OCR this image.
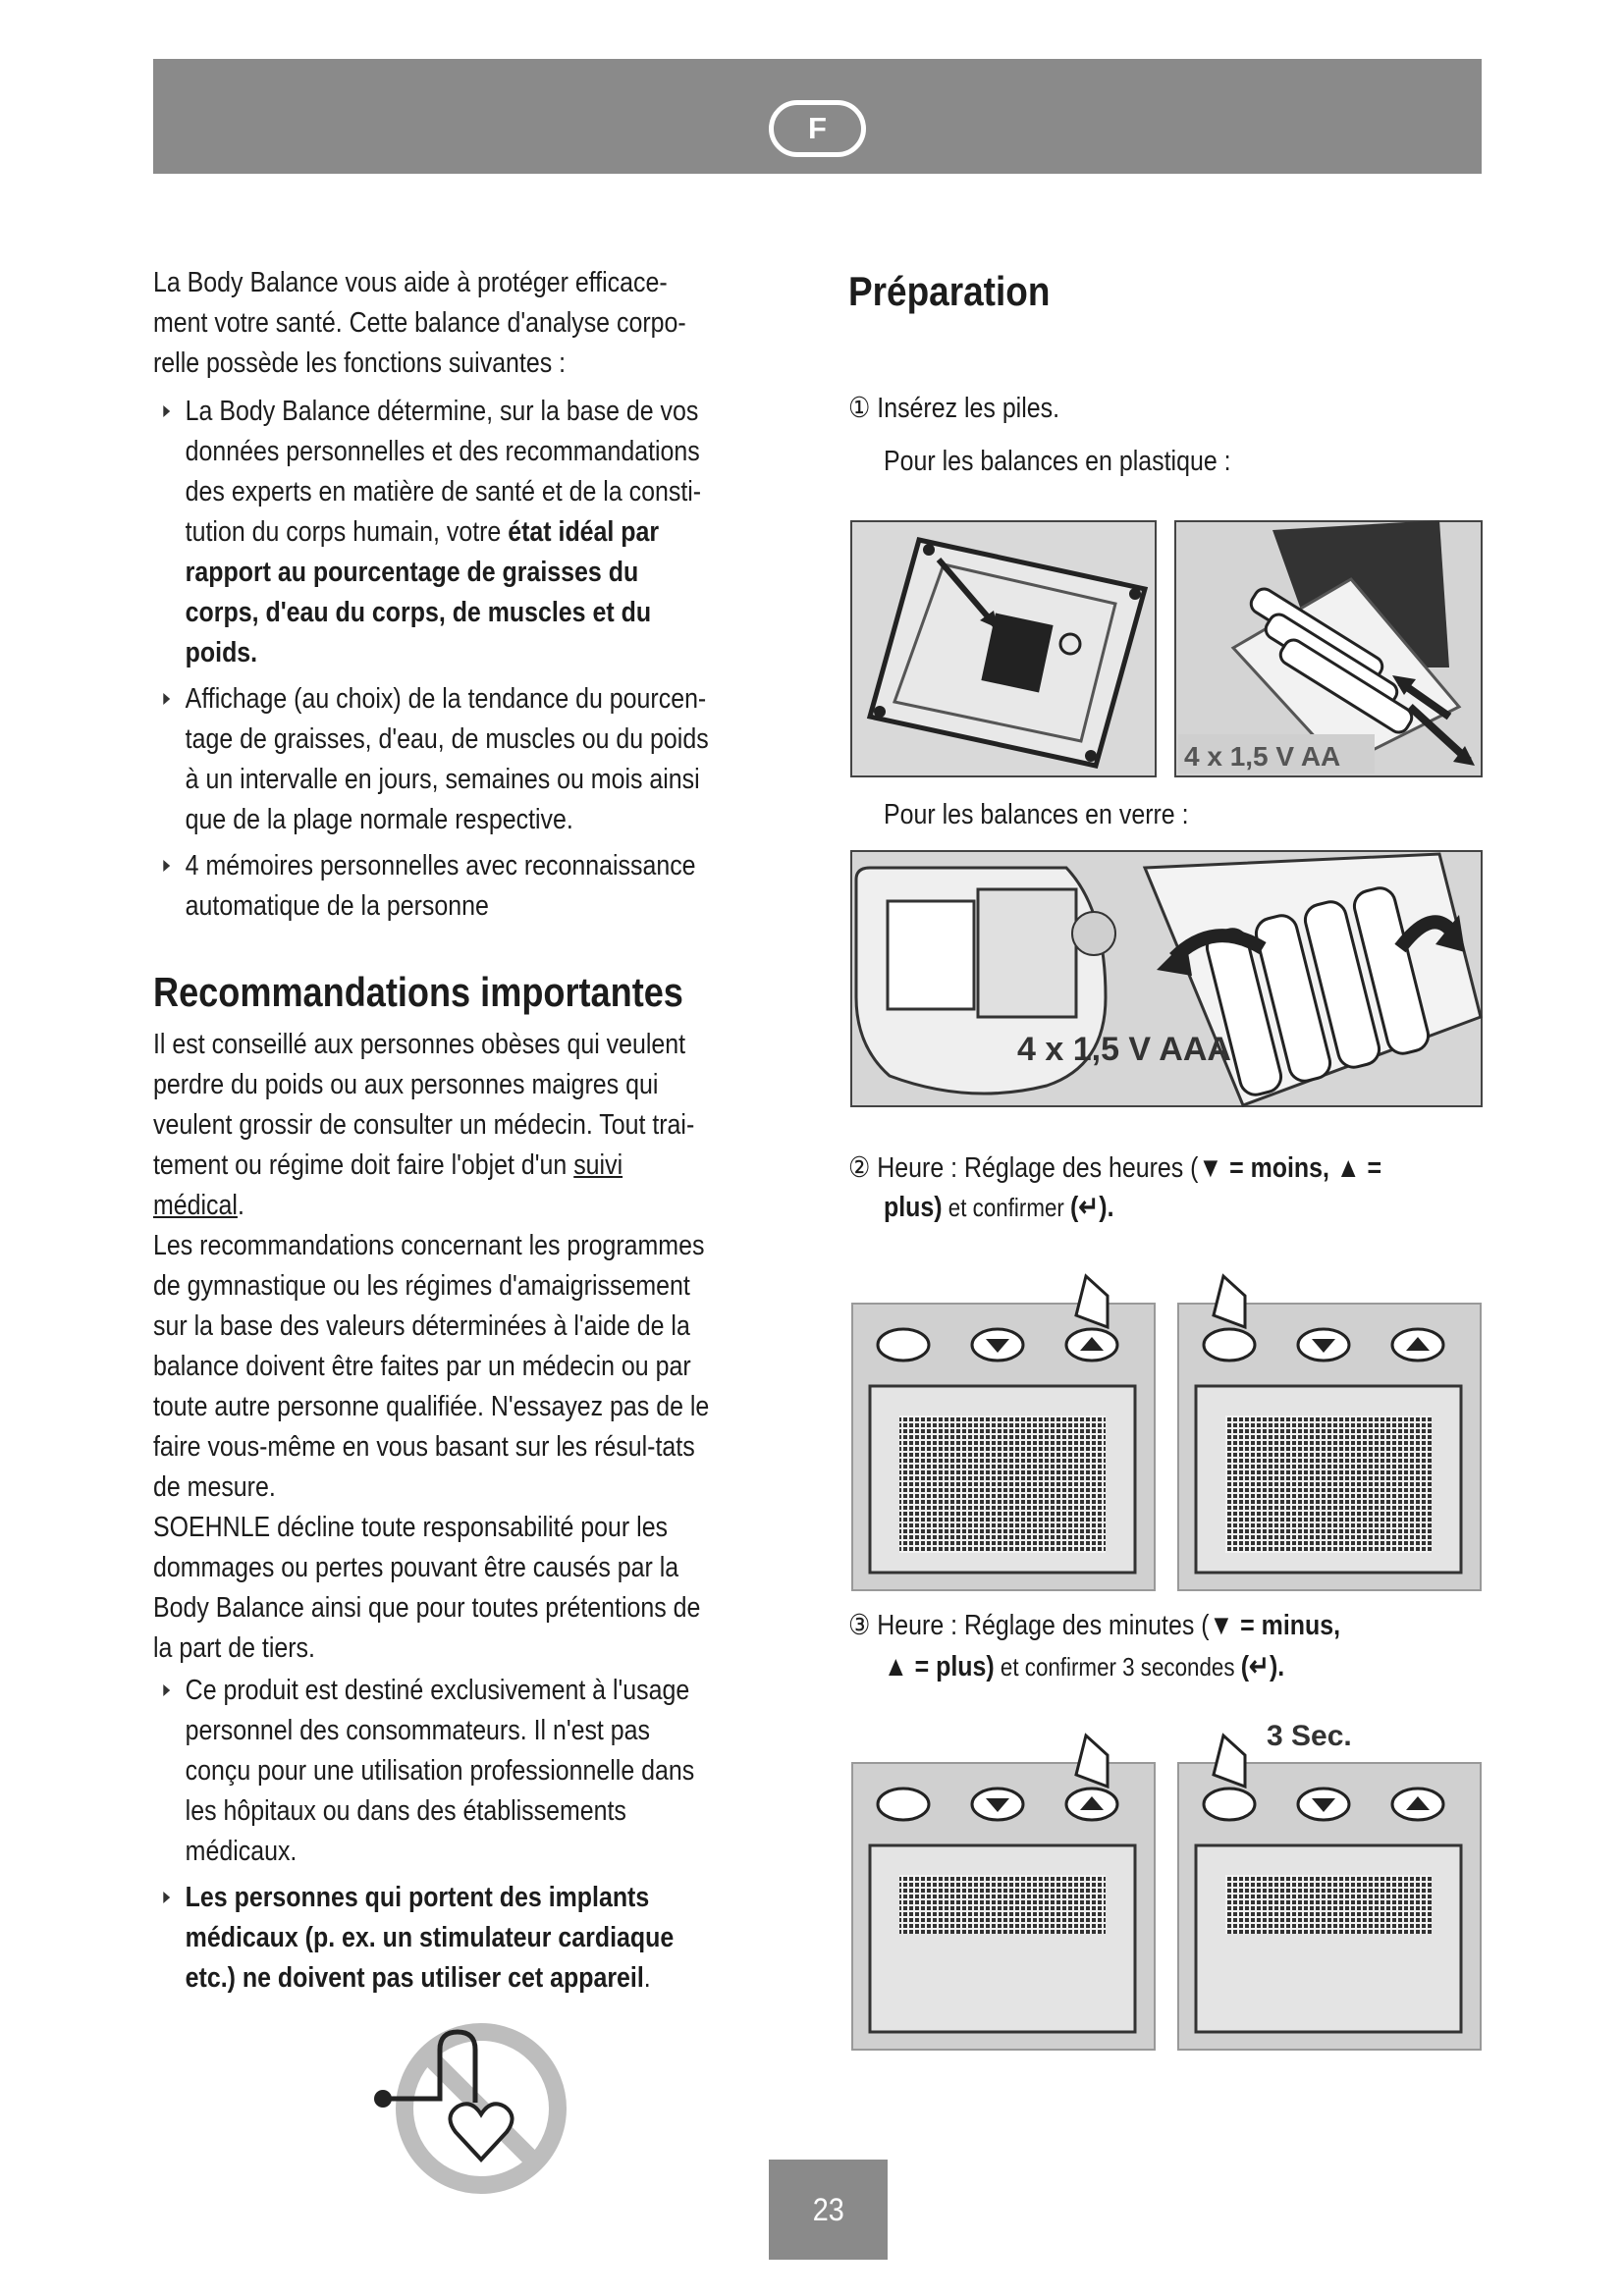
F

La Body Balance vous aide à protéger efficace-ment votre santé. Cette balance d'analyse corpo-relle possède les fonctions suivantes :

La Body Balance détermine, sur la base de vos données personnelles et des recommandations des experts en matière de santé et de la consti-tution du corps humain, votre état idéal par rapport au pourcentage de graisses du corps, d'eau du corps, de muscles et du poids.
Affichage (au choix) de la tendance du pourcen-tage de graisses, d'eau, de muscles ou du poids à un intervalle en jours, semaines ou mois ainsi que de la plage normale respective.
4 mémoires personnelles avec reconnaissance automatique de la personne
Recommandations importantes

Il est conseillé aux personnes obèses qui veulent perdre du poids ou aux personnes maigres qui veulent grossir de consulter un médecin. Tout trai-tement ou régime doit faire l'objet d'un suivi médical.

Les recommandations concernant les programmes de gymnastique ou les régimes d'amaigrissement sur la base des valeurs déterminées à l'aide de la balance doivent être faites par un médecin ou par toute autre personne qualifiée. N'essayez pas de le faire vous-même en vous basant sur les résul-tats de mesure.

SOEHNLE décline toute responsabilité pour les dommages ou pertes pouvant être causés par la Body Balance ainsi que pour toutes prétentions de la part de tiers.

Ce produit est destiné exclusivement à l'usage personnel des consommateurs. Il n'est pas conçu pour une utilisation professionnelle dans les hôpitaux ou dans des établissements médicaux.
Les personnes qui portent des implants médicaux (p. ex. un stimulateur cardiaque etc.) ne doivent pas utiliser cet appareil.
Préparation
① Insérez les piles.
Pour les balances en plastique :
4 x 1,5 V AA
Pour les balances en verre :
4 x 1,5 V AAA
② Heure : Réglage des heures (▼ = moins, ▲ =
plus) et confirmer (↵).
③ Heure : Réglage des minutes (▼ = minus,
▲ = plus) et confirmer 3 secondes (↵).
3 Sec.
23
